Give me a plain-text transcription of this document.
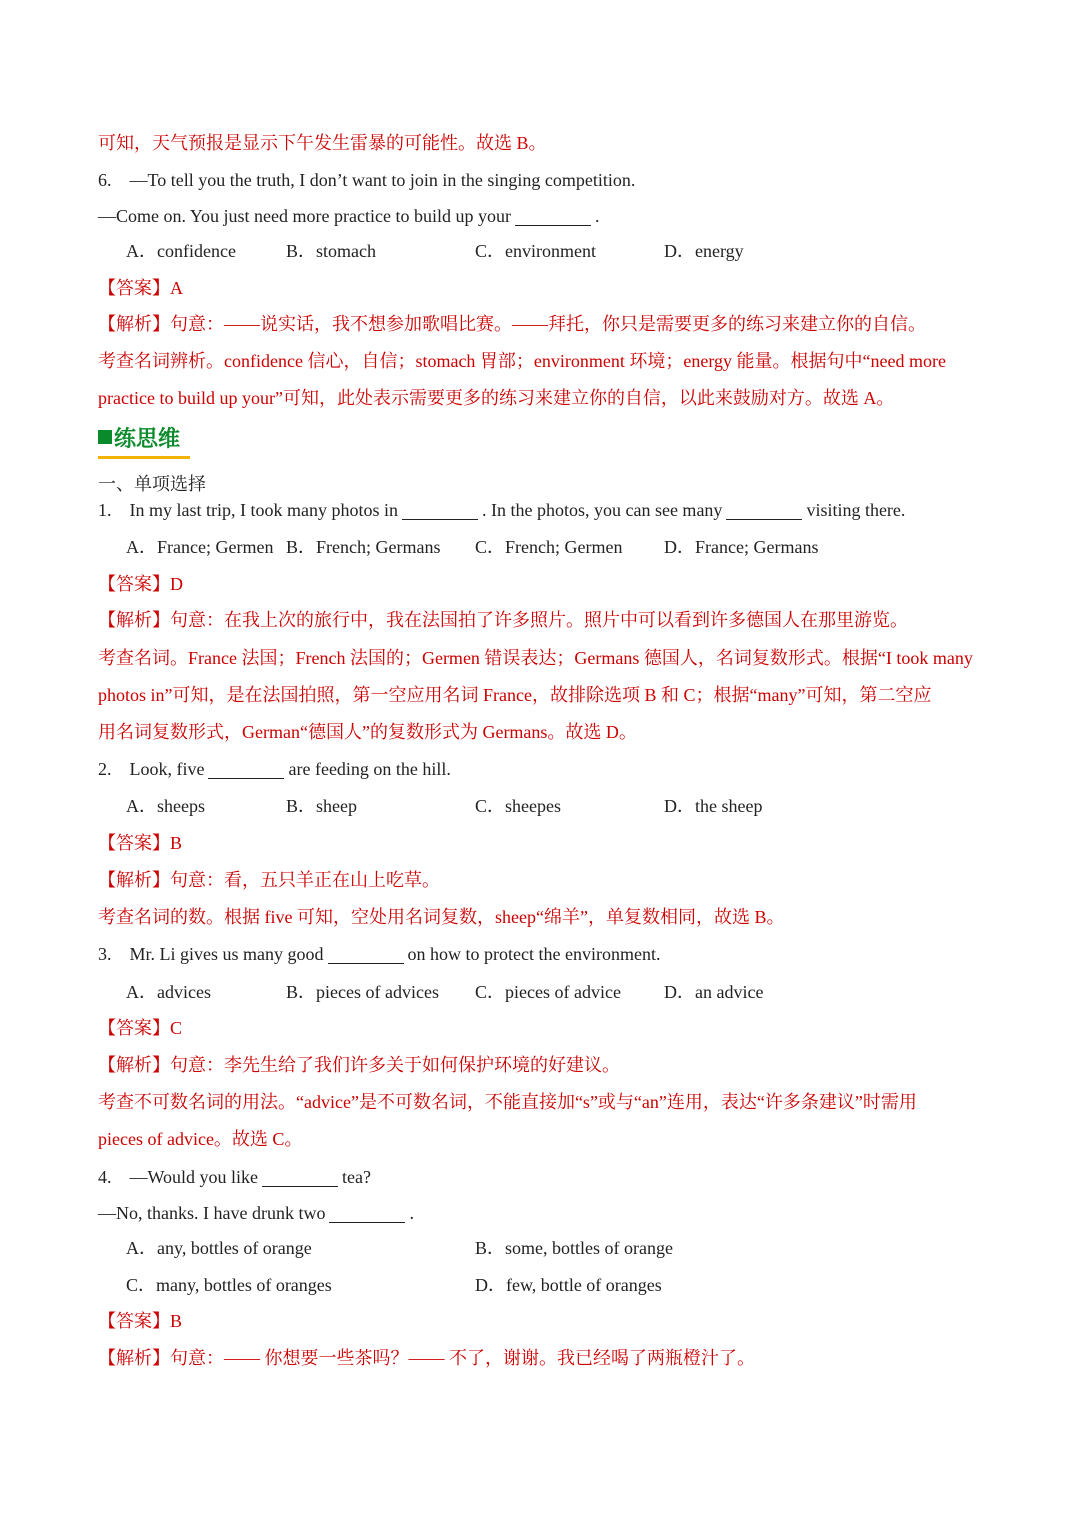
可知，天气预报是显示下午发生雷暴的可能性。故选 B。
6.　—To tell you the truth, I don’t want to join in the singing competition.
—Come on. You just need more practice to build up your	.
A．confidence	B．stomach	C．environment	D．energy
【答案】A
【解析】句意：——说实话，我不想参加歌唱比赛。——拜托，你只是需要更多的练习来建立你的自信。
考查名词辨析。confidence 信心，自信；stomach 胃部；environment 环境；energy 能量。根据句中“need more
practice to build up your”可知，此处表示需要更多的练习来建立你的自信，以此来鼓励对方。故选 A。
练思维
一、单项选择
1.　In my last trip, I took many photos in	. In the photos, you can see many	visiting there.
A．France; Germen B．French; Germans C．French; Germen D．France; Germans
【答案】D
【解析】句意：在我上次的旅行中，我在法国拍了许多照片。照片中可以看到许多德国人在那里游览。
考查名词。France 法国；French 法国的；Germen 错误表达；Germans 德国人，名词复数形式。根据“I took many
photos in”可知，是在法国拍照，第一空应用名词 France，故排除选项 B 和 C；根据“many”可知，第二空应
用名词复数形式，German“德国人”的复数形式为 Germans。故选 D。
2.　Look, five	are feeding on the hill.
A．sheeps	B．sheep	C．sheepes	D．the sheep
【答案】B
【解析】句意：看，五只羊正在山上吃草。
考查名词的数。根据 five 可知，空处用名词复数，sheep“绵羊”，单复数相同，故选 B。
3.　Mr. Li gives us many good	on how to protect the environment.
A．advices	B．pieces of advices C．pieces of advice D．an advice
【答案】C
【解析】句意：李先生给了我们许多关于如何保护环境的好建议。
考查不可数名词的用法。“advice”是不可数名词，不能直接加“s”或与“an”连用，表达“许多条建议”时需用
pieces of advice。故选 C。
4.　—Would you like	tea?
—No, thanks. I have drunk two	.
A．any, bottles of orange	B．some, bottles of orange
C．many, bottles of oranges	D．few, bottle of oranges
【答案】B
【解析】句意：—— 你想要一些茶吗？—— 不了，谢谢。我已经喝了两瓶橙汁了。
